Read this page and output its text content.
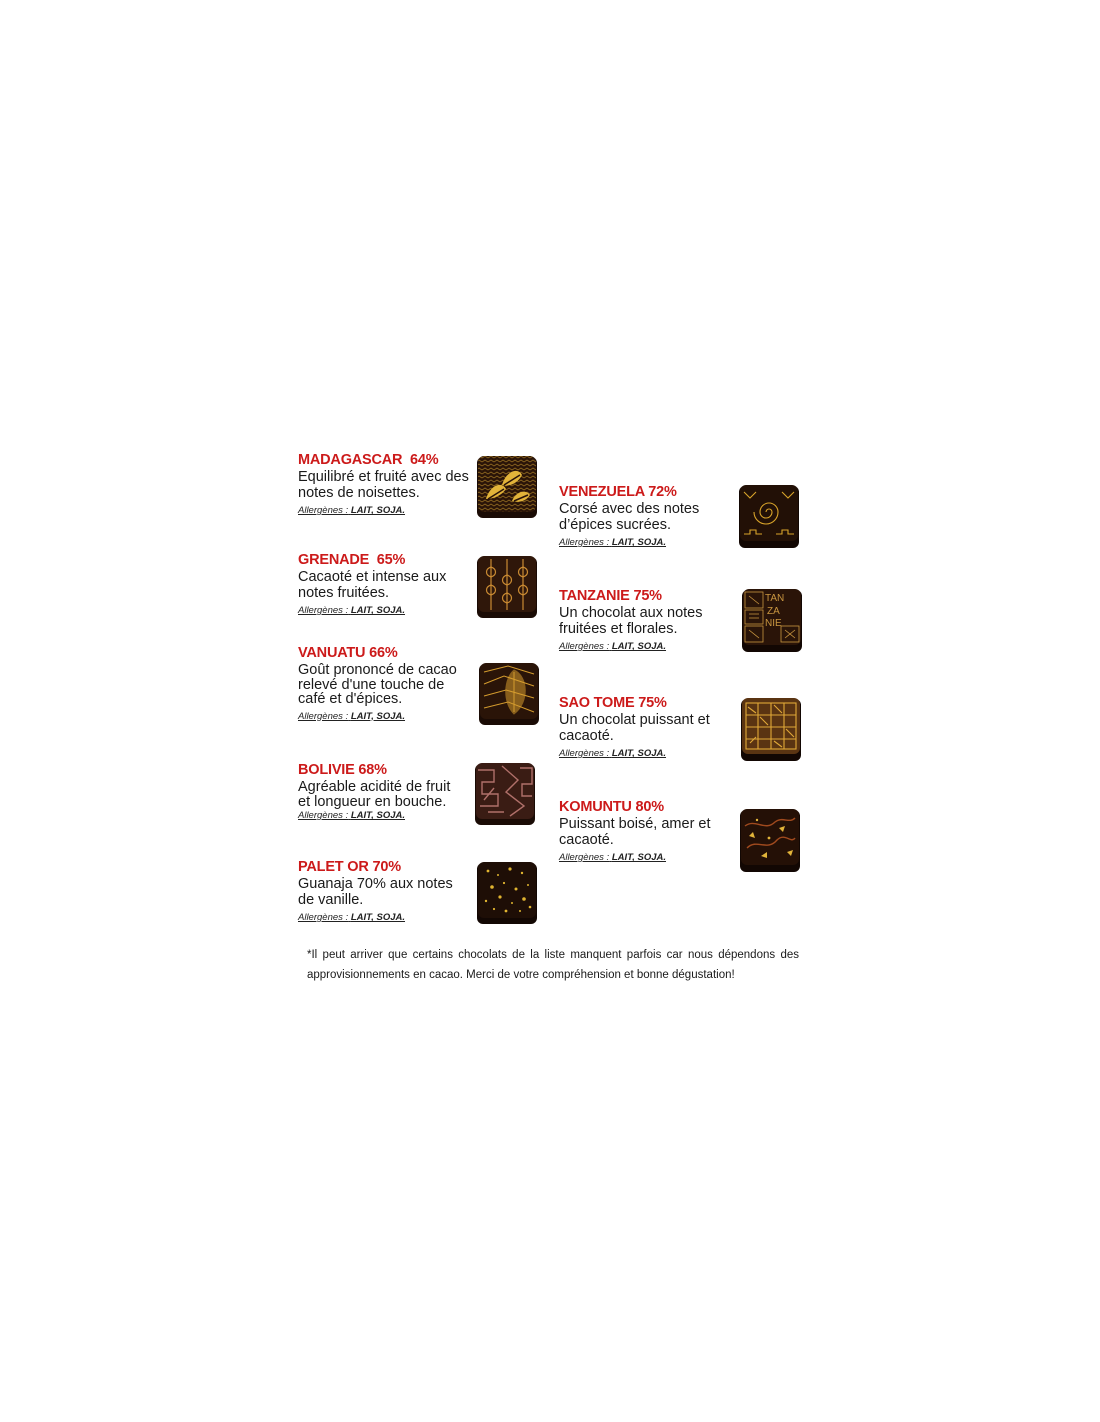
MADAGASCAR  64%
Equilibré et fruité avec des notes de noisettes.
Allergènes : LAIT, SOJA.
GRENADE  65%
Cacaoté et intense aux notes fruitées.
Allergènes : LAIT, SOJA.
VANUATU 66%
Goût prononcé de cacao relevé d'une touche de café et d'épices.
Allergènes : LAIT, SOJA.
BOLIVIE 68%
Agréable acidité de fruit et longueur en bouche.
Allergènes : LAIT, SOJA.
PALET OR 70%
Guanaja 70% aux notes de vanille.
Allergènes : LAIT, SOJA.
VENEZUELA 72%
Corsé avec des notes d’épices sucrées.
Allergènes : LAIT, SOJA.
TANZANIE 75%
Un chocolat aux notes fruitées et florales.
Allergènes : LAIT, SOJA.
SAO TOME 75%
Un chocolat puissant et cacaoté.
Allergènes : LAIT, SOJA.
KOMUNTU 80%
Puissant boisé, amer et cacaoté.
Allergènes : LAIT, SOJA.
TAN
ZA
NIE
*Il peut arriver que certains chocolats de la liste manquent parfois car nous dépendons des approvisionnements en cacao. Merci de votre compréhension et bonne dégustation!
